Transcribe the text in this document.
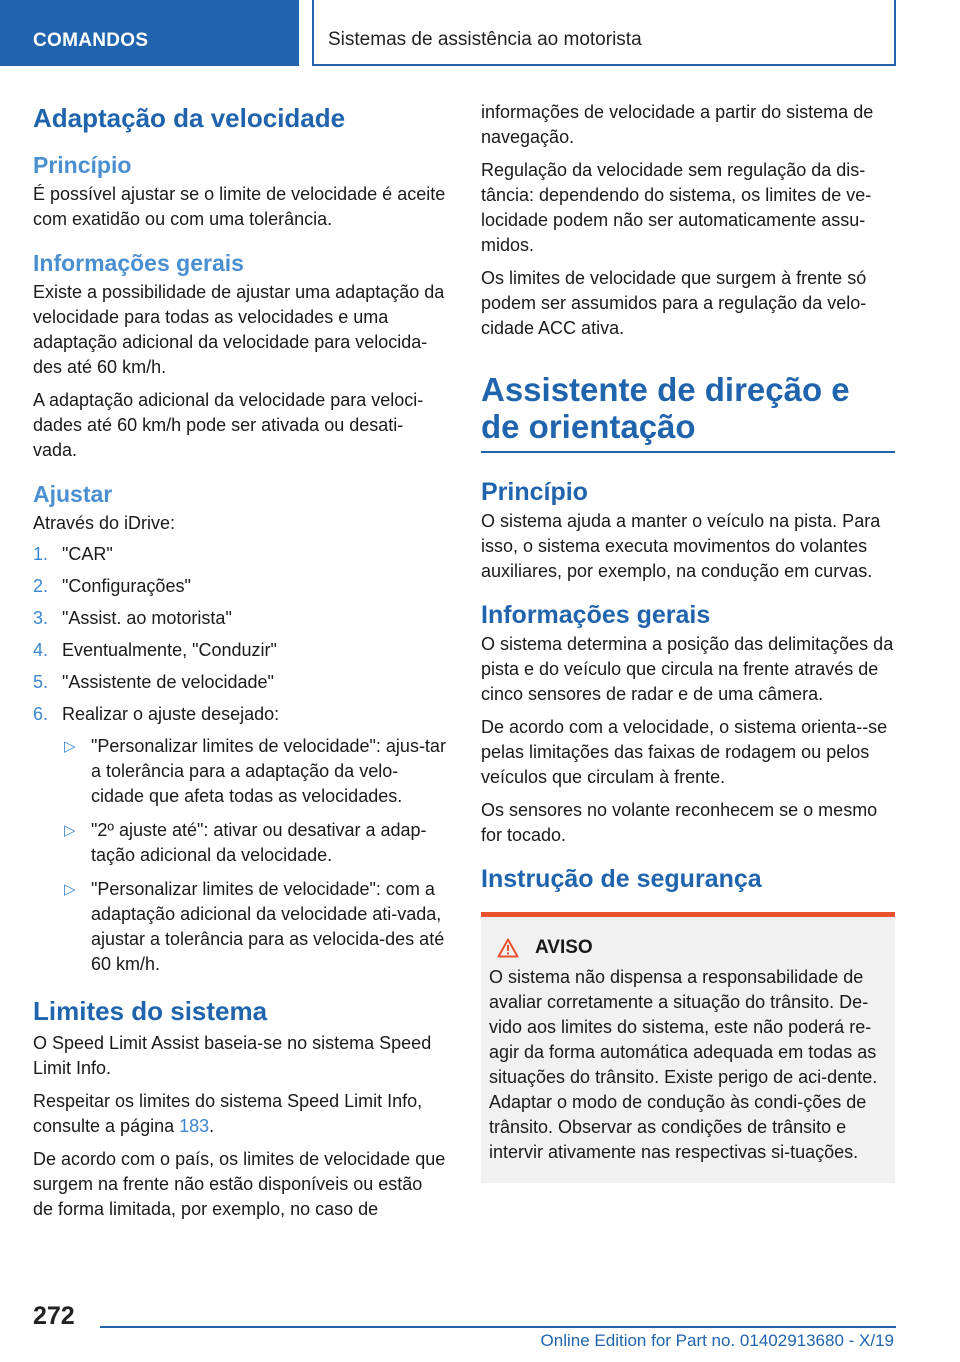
COMANDOS	Sistemas de assistência ao motorista
Adaptação da velocidade
Princípio

É possível ajustar se o limite de velocidade é aceite com exatidão ou com uma tolerância.

Informações gerais

Existe a possibilidade de ajustar uma adaptação da velocidade para todas as velocidades e uma adaptação adicional da velocidade para velocida-des até 60 km/h.

A adaptação adicional da velocidade para veloci-dades até 60 km/h pode ser ativada ou desati-vada.

Ajustar

Através do iDrive:

1. "CAR"
2. "Configurações"
3. "Assist. ao motorista"
4. Eventualmente, "Conduzir"
5. "Assistente de velocidade"
6. Realizar o ajuste desejado:
▷ "Personalizar limites de velocidade": ajus-tar a tolerância para a adaptação da velo-cidade que afeta todas as velocidades.
▷ "2º ajuste até": ativar ou desativar a adap-tação adicional da velocidade.
▷ "Personalizar limites de velocidade": com a adaptação adicional da velocidade ati-vada, ajustar a tolerância para as velocida-des até 60 km/h.
Limites do sistema

O Speed Limit Assist baseia-se no sistema Speed Limit Info.

Respeitar os limites do sistema Speed Limit Info, consulte a página 183.

De acordo com o país, os limites de velocidade que surgem na frente não estão disponíveis ou estão de forma limitada, por exemplo, no caso de

informações de velocidade a partir do sistema de navegação.

Regulação da velocidade sem regulação da dis-tância: dependendo do sistema, os limites de ve-locidade podem não ser automaticamente assu-midos.

Os limites de velocidade que surgem à frente só podem ser assumidos para a regulação da velo-cidade ACC ativa.

Assistente de direção e de orientação
Princípio

O sistema ajuda a manter o veículo na pista. Para isso, o sistema executa movimentos do volantes auxiliares, por exemplo, na condução em curvas.

Informações gerais

O sistema determina a posição das delimitações da pista e do veículo que circula na frente através de cinco sensores de radar e de uma câmera.

De acordo com a velocidade, o sistema orienta--se pelas limitações das faixas de rodagem ou pelos veículos que circulam à frente.

Os sensores no volante reconhecem se o mesmo for tocado.

Instrução de segurança
AVISO

O sistema não dispensa a responsabilidade de avaliar corretamente a situação do trânsito. De-vido aos limites do sistema, este não poderá re-agir da forma automática adequada em todas as situações do trânsito. Existe perigo de aci-dente. Adaptar o modo de condução às condi-ções de trânsito. Observar as condições de trânsito e intervir ativamente nas respectivas si-tuações.

272
Online Edition for Part no. 01402913680 - X/19
